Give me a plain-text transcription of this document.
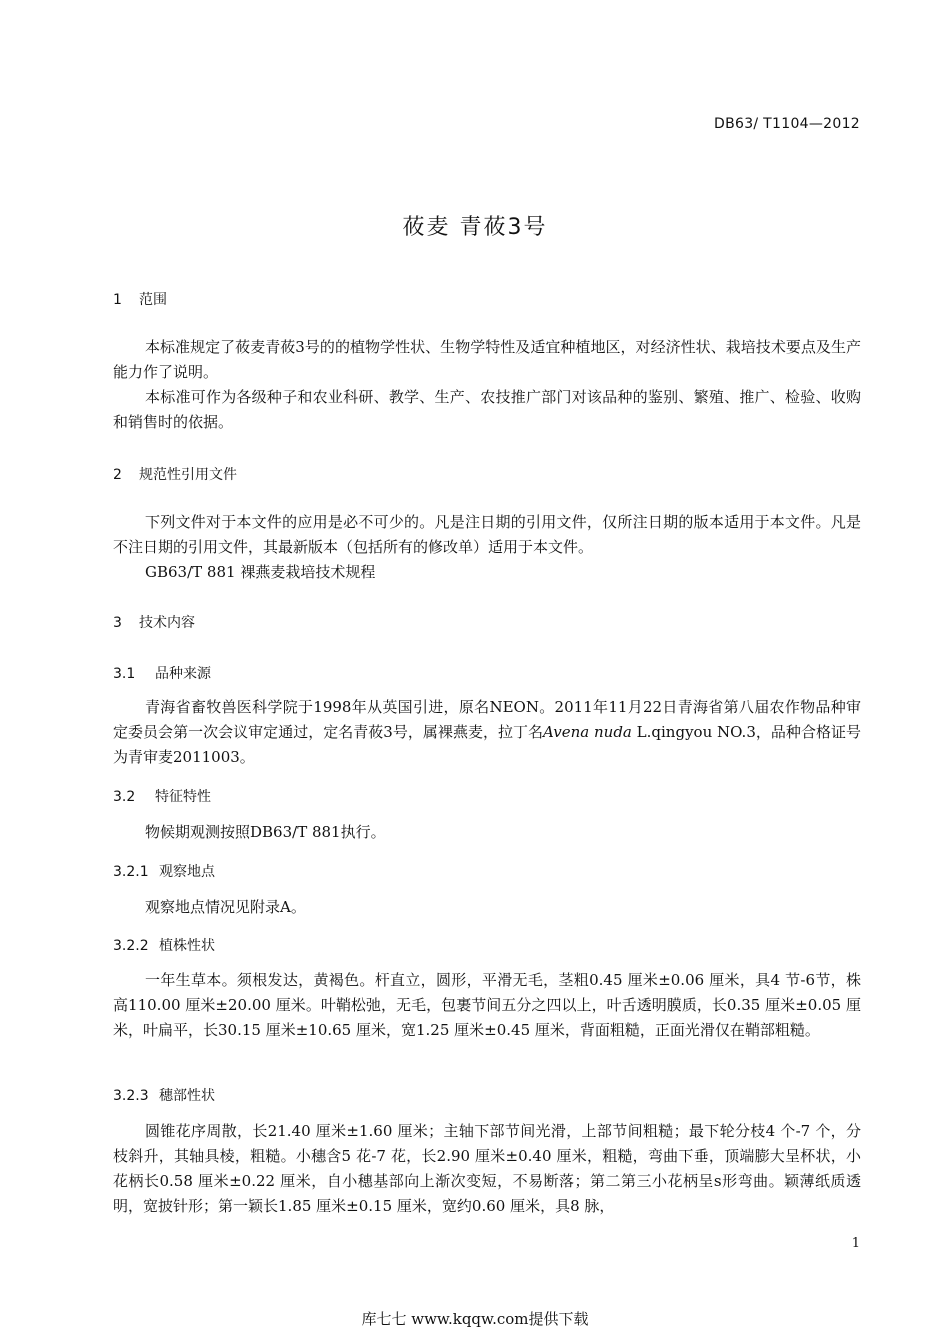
DB63/ T1104—2012
莜麦 青莜3号
1 范围
本标准规定了莜麦青莜3号的的植物学性状、生物学特性及适宜种植地区，对经济性状、栽培技术要点及生产能力作了说明。
本标准可作为各级种子和农业科研、教学、生产、农技推广部门对该品种的鉴别、繁殖、推广、检验、收购和销售时的依据。
2 规范性引用文件
下列文件对于本文件的应用是必不可少的。凡是注日期的引用文件，仅所注日期的版本适用于本文件。凡是不注日期的引用文件，其最新版本（包括所有的修改单）适用于本文件。
GB63/T 881 裸燕麦栽培技术规程
3 技术内容
3.1 品种来源
青海省畜牧兽医科学院于1998年从英国引进，原名NEON。2011年11月22日青海省第八届农作物品种审定委员会第一次会议审定通过，定名青莜3号，属裸燕麦，拉丁名Avena nuda L.qingyou NO.3，品种合格证号为青审麦2011003。
3.2 特征特性
物候期观测按照DB63/T 881执行。
3.2.1 观察地点
观察地点情况见附录A。
3.2.2 植株性状
一年生草本。须根发达，黄褐色。杆直立，圆形，平滑无毛，茎粗0.45 厘米±0.06 厘米，具4 节-6节，株高110.00 厘米±20.00 厘米。叶鞘松弛，无毛，包裹节间五分之四以上，叶舌透明膜质，长0.35 厘米±0.05 厘米，叶扁平，长30.15 厘米±10.65 厘米，宽1.25 厘米±0.45 厘米，背面粗糙，正面光滑仅在鞘部粗糙。
3.2.3 穗部性状
圆锥花序周散，长21.40 厘米±1.60 厘米；主轴下部节间光滑，上部节间粗糙；最下轮分枝4 个-7 个，分枝斜升，其轴具棱，粗糙。小穗含5 花-7 花，长2.90 厘米±0.40 厘米，粗糙，弯曲下垂，顶端膨大呈杯状，小花柄长0.58 厘米±0.22 厘米，自小穗基部向上渐次变短，不易断落；第二第三小花柄呈s形弯曲。颖薄纸质透明，宽披针形；第一颖长1.85 厘米±0.15 厘米，宽约0.60 厘米，具8 脉，
1
库七七 www.kqqw.com提供下载
